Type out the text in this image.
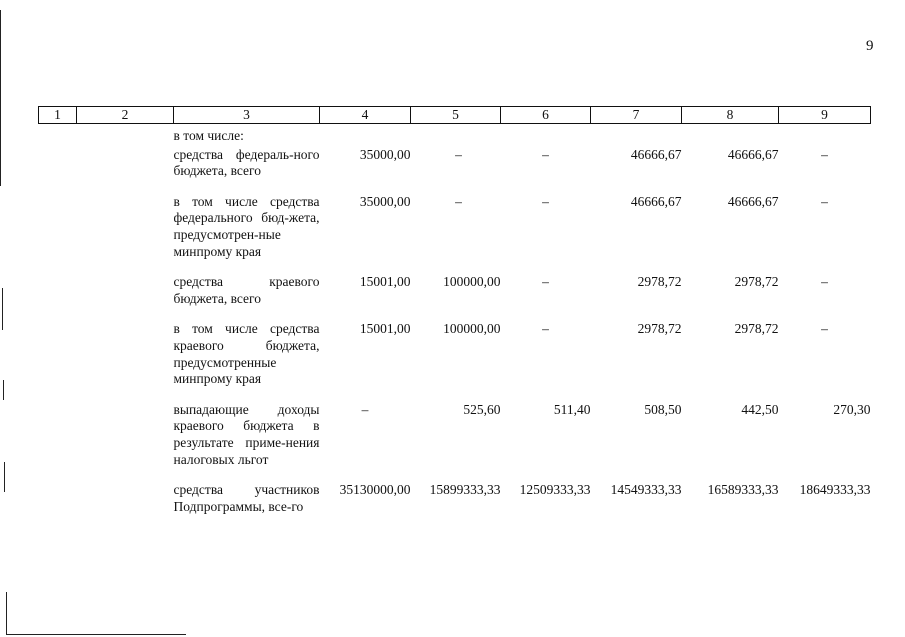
9
1	2	3	4	5	6	7	8	9
		в том числе:						
		средства федераль-ного бюджета, всего	35000,00	–	–	46666,67	46666,67	–
		в том числе средства федерального бюд-жета, предусмотрен-ные минпрому края	35000,00	–	–	46666,67	46666,67	–
		средства краевого бюджета, всего	15001,00	100000,00	–	2978,72	2978,72	–
		в том числе средства краевого бюджета, предусмотренные минпрому края	15001,00	100000,00	–	2978,72	2978,72	–
		выпадающие доходы краевого бюджета в результате приме-нения налоговых льгот	–	525,60	511,40	508,50	442,50	270,30
		средства участников Подпрограммы, все-го	35130000,00	15899333,33	12509333,33	14549333,33	16589333,33	18649333,33
